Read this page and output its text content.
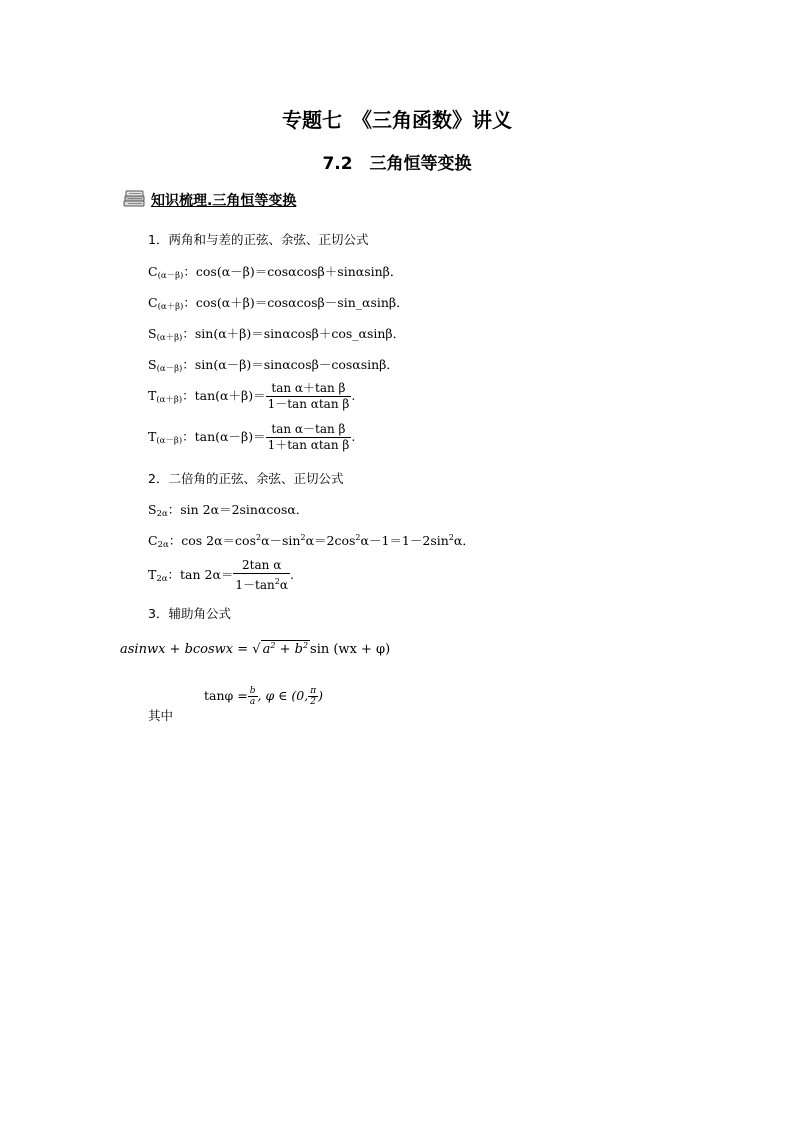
专题七　《三角函数》讲义
7.2　三角恒等变换
知识梳理.三角恒等变换
1．两角和与差的正弦、余弦、正切公式
$C_{(\alpha-\beta)}$：cos(α－β)＝cosαcosβ＋sinαsinβ．
$C_{(\alpha+\beta)}$：cos(α＋β)＝cosαcosβ－sin_αsinβ．
$S_{(\alpha+\beta)}$：sin(α＋β)＝sinαcosβ＋cos_αsinβ．
$S_{(\alpha-\beta)}$：sin(α－β)＝sinαcosβ－cosαsinβ．
$T_{(\alpha+\beta)}$：$\tan(\alpha+\beta)= \frac{\text{tan α＋tan β}}{\text{1－tan αtan β}}$ .
$T_{(\alpha-\beta)}$：$\tan(\alpha-\beta)= \frac{\text{tan α－tan β}}{\text{1＋tan αtan β}}$ .
2．二倍角的正弦、余弦、正切公式
$S_{2\alpha}$：sin 2α＝2sinαcosα．
$C_{2\alpha}$：$\cos 2\alpha=\cos^2\alpha-\sin^2\alpha=2\cos^2\alpha-1=1-2\sin^2\alpha$．
$T_{2\alpha}$：$\tan 2\alpha= \frac{\text{2tan α}}{1-\tan^2\alpha}$ .
3．辅助角公式
asinwx + bcoswx = √ $a^2 + b^2$ sin (wx + φ)
其中
$\tan\varphi = \frac{b}{a}$ , φ ∈ (0, $\frac{\pi}{2}$ )
